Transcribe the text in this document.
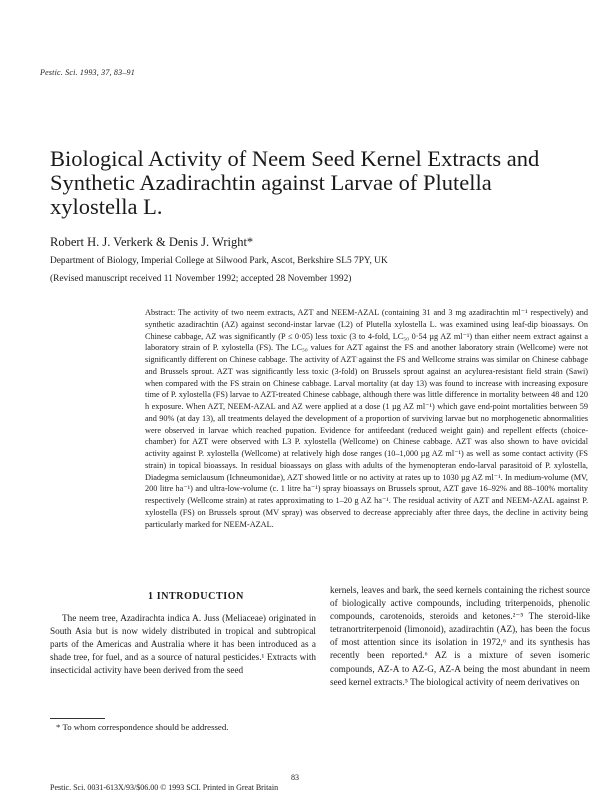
Pestic. Sci. 1993, 37, 83–91
Biological Activity of Neem Seed Kernel Extracts and Synthetic Azadirachtin against Larvae of Plutella xylostella L.
Robert H. J. Verkerk & Denis J. Wright*
Department of Biology, Imperial College at Silwood Park, Ascot, Berkshire SL5 7PY, UK
(Revised manuscript received 11 November 1992; accepted 28 November 1992)

Abstract: The activity of two neem extracts, AZT and NEEM-AZAL (containing 31 and 3 mg azadirachtin ml⁻¹ respectively) and synthetic azadirachtin (AZ) against second-instar larvae (L2) of Plutella xylostella L. was examined using leaf-dip bioassays. On Chinese cabbage, AZ was significantly (P ≤ 0·05) less toxic (3 to 4-fold, LC₅₀ 0·54 µg AZ ml⁻¹) than either neem extract against a laboratory strain of P. xylostella (FS). The LC₅₀ values for AZT against the FS and another laboratory strain (Wellcome) were not significantly different on Chinese cabbage. The activity of AZT against the FS and Wellcome strains was similar on Chinese cabbage and Brussels sprout. AZT was significantly less toxic (3-fold) on Brussels sprout against an acylurea-resistant field strain (Sawi) when compared with the FS strain on Chinese cabbage. Larval mortality (at day 13) was found to increase with increasing exposure time of P. xylostella (FS) larvae to AZT-treated Chinese cabbage, although there was little difference in mortality between 48 and 120 h exposure. When AZT, NEEM-AZAL and AZ were applied at a dose (1 µg AZ ml⁻¹) which gave end-point mortalities between 59 and 90% (at day 13), all treatments delayed the development of a proportion of surviving larvae but no morphogenetic abnormalities were observed in larvae which reached pupation. Evidence for antifeedant (reduced weight gain) and repellent effects (choice-chamber) for AZT were observed with L3 P. xylostella (Wellcome) on Chinese cabbage. AZT was also shown to have ovicidal activity against P. xylostella (Wellcome) at relatively high dose ranges (10–1,000 µg AZ ml⁻¹) as well as some contact activity (FS strain) in topical bioassays. In residual bioassays on glass with adults of the hymenopteran endo-larval parasitoid of P. xylostella, Diadegma semiclausum (Ichneumonidae), AZT showed little or no activity at rates up to 1030 µg AZ ml⁻¹. In medium-volume (MV, 200 litre ha⁻¹) and ultra-low-volume (c. 1 litre ha⁻¹) spray bioassays on Brussels sprout, AZT gave 16–92% and 88–100% mortality respectively (Wellcome strain) at rates approximating to 1–20 g AZ ha⁻¹. The residual activity of AZT and NEEM-AZAL against P. xylostella (FS) on Brussels sprout (MV spray) was observed to decrease appreciably after three days, the decline in activity being particularly marked for NEEM-AZAL.

1 INTRODUCTION

The neem tree, Azadirachta indica A. Juss (Meliaceae) originated in South Asia but is now widely distributed in tropical and subtropical parts of the Americas and Australia where it has been introduced as a shade tree, for fuel, and as a source of natural pesticides.¹ Extracts with insecticidal activity have been derived from the seed

kernels, leaves and bark, the seed kernels containing the richest source of biologically active compounds, including triterpenoids, phenolic compounds, carotenoids, steroids and ketones.²⁻⁵ The steroid-like tetranortriterpenoid (limonoid), azadirachtin (AZ), has been the focus of most attention since its isolation in 1972,⁶ and its synthesis has recently been reported.⁶ AZ is a mixture of seven isomeric compounds, AZ-A to AZ-G, AZ-A being the most abundant in neem seed kernel extracts.⁵ The biological activity of neem derivatives on

* To whom correspondence should be addressed.
83
Pestic. Sci. 0031-613X/93/$06.00 © 1993 SCI. Printed in Great Britain
